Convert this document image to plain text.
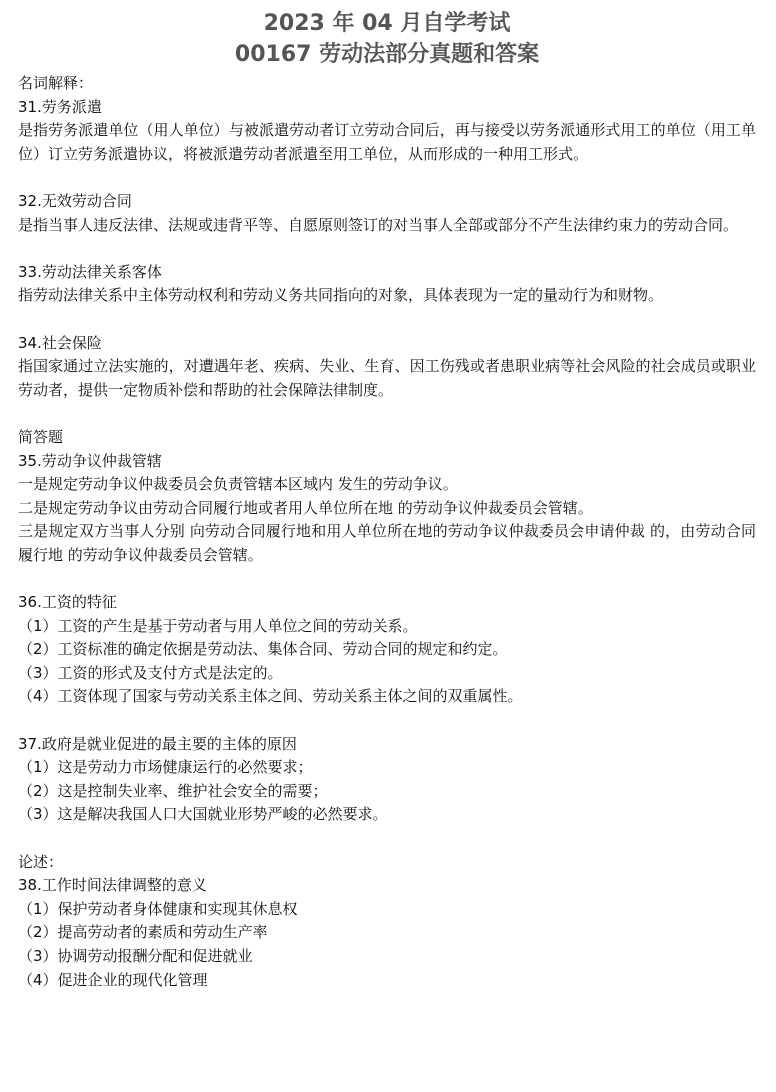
2023 年 04 月自学考试
00167 劳动法部分真题和答案
名词解释：
31.劳务派遣
是指劳务派遣单位（用人单位）与被派遣劳动者订立劳动合同后，再与接受以劳务派通形式用工的单位（用工单位）订立劳务派遣协议，将被派遣劳动者派遣至用工单位，从而形成的一种用工形式。
32.无效劳动合同
是指当事人违反法律、法规或违背平等、自愿原则签订的对当事人全部或部分不产生法律约束力的劳动合同。
33.劳动法律关系客体
指劳动法律关系中主体劳动权利和劳动义务共同指向的对象，具体表现为一定的量动行为和财物。
34.社会保险
指国家通过立法实施的，对遭遇年老、疾病、失业、生育、因工伤残或者患职业病等社会风险的社会成员或职业劳动者，提供一定物质补偿和帮助的社会保障法律制度。
简答题
35.劳动争议仲裁管辖
一是规定劳动争议仲裁委员会负责管辖本区域内 发生的劳动争议。
二是规定劳动争议由劳动合同履行地或者用人单位所在地 的劳动争议仲裁委员会管辖。
三是规定双方当事人分别 向劳动合同履行地和用人单位所在地的劳动争议仲裁委员会申请仲裁 的，由劳动合同履行地 的劳动争议仲裁委员会管辖。
36.工资的特征
（1）工资的产生是基于劳动者与用人单位之间的劳动关系。
（2）工资标准的确定依据是劳动法、集体合同、劳动合同的规定和约定。
（3）工资的形式及支付方式是法定的。
（4）工资体现了国家与劳动关系主体之间、劳动关系主体之间的双重属性。
37.政府是就业促进的最主要的主体的原因
（1）这是劳动力市场健康运行的必然要求；
（2）这是控制失业率、维护社会安全的需要；
（3）这是解决我国人口大国就业形势严峻的必然要求。
论述：
38.工作时间法律调整的意义
（1）保护劳动者身体健康和实现其休息权
（2）提高劳动者的素质和劳动生产率
（3）协调劳动报酬分配和促进就业
（4）促进企业的现代化管理
